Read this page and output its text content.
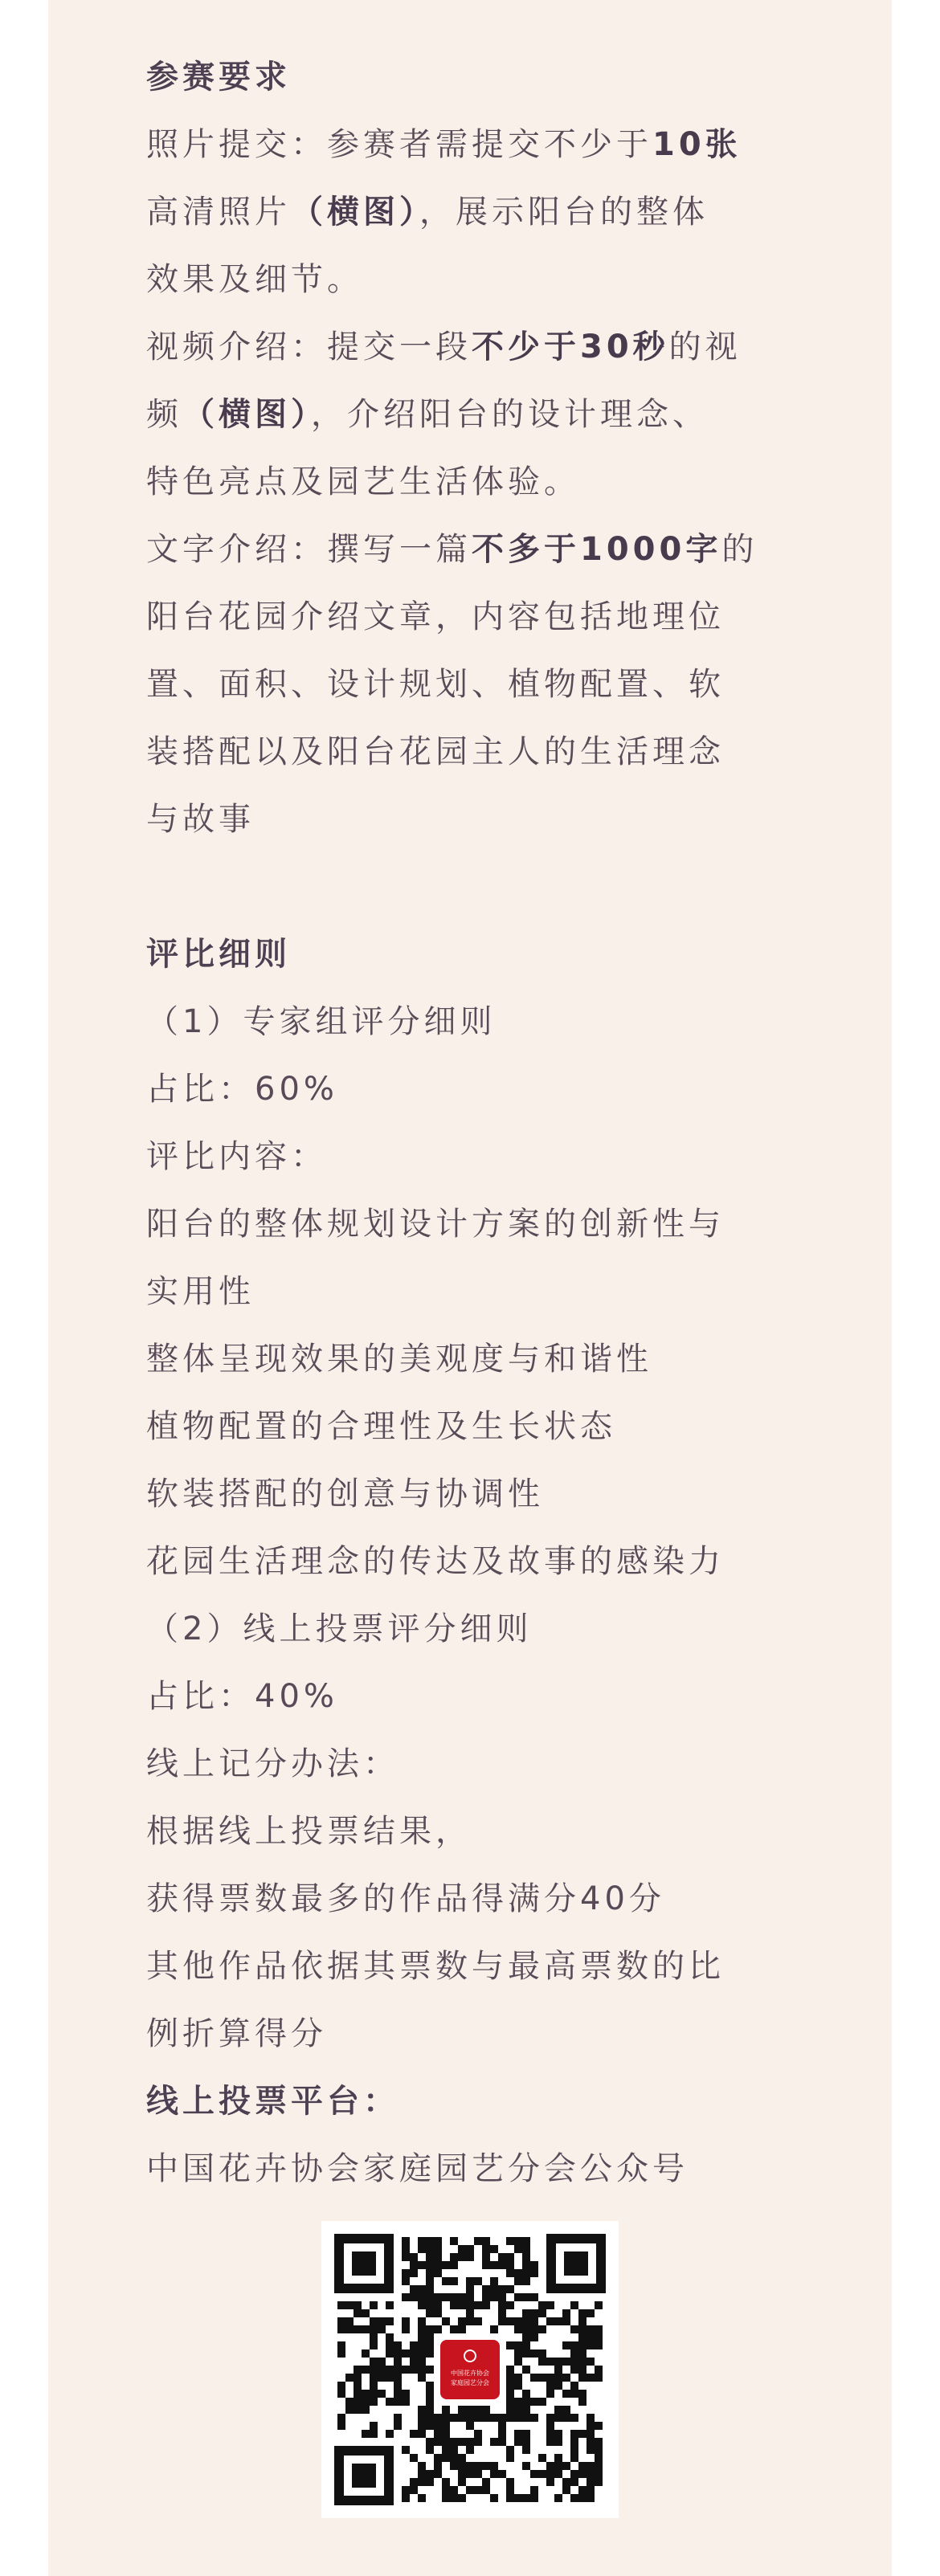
参赛要求
照片提交：参赛者需提交不少于10张
高清照片（横图），展示阳台的整体
效果及细节。
视频介绍：提交一段不少于30秒的视
频（横图），介绍阳台的设计理念、
特色亮点及园艺生活体验。
文字介绍：撰写一篇不多于1000字的
阳台花园介绍文章，内容包括地理位
置、面积、设计规划、植物配置、软
装搭配以及阳台花园主人的生活理念
与故事
评比细则
（1）专家组评分细则
占比：60%
评比内容：
阳台的整体规划设计方案的创新性与
实用性
整体呈现效果的美观度与和谐性
植物配置的合理性及生长状态
软装搭配的创意与协调性
花园生活理念的传达及故事的感染力
（2）线上投票评分细则
占比：40%
线上记分办法：
根据线上投票结果，
获得票数最多的作品得满分40分
其他作品依据其票数与最高票数的比
例折算得分
线上投票平台：
中国花卉协会家庭园艺分会公众号
中国花卉协会
家庭园艺分会
